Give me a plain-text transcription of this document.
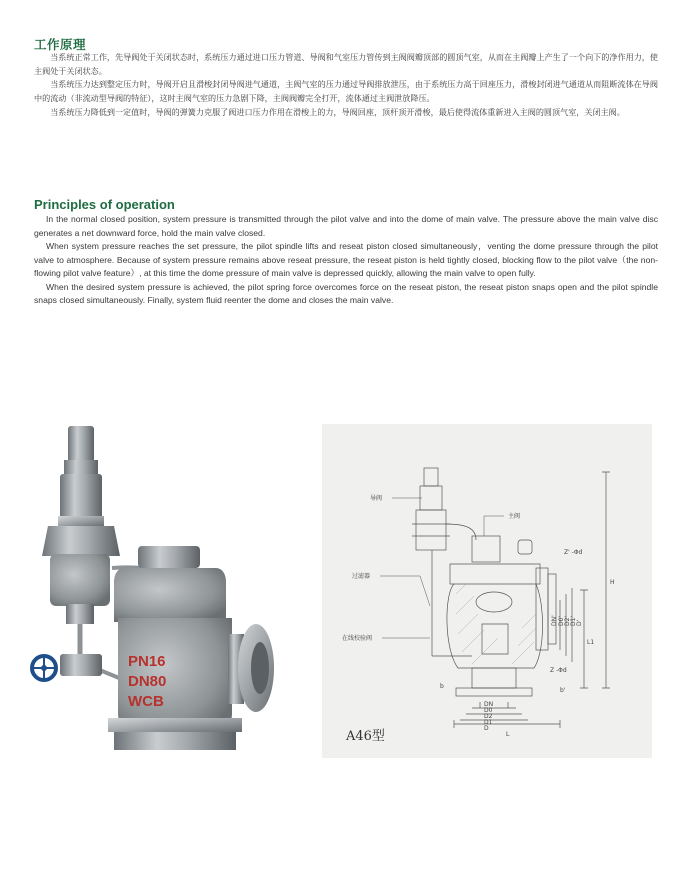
工作原理

当系统正常工作，先导阀处于关闭状态时，系统压力通过进口压力管道、导阀和气室压力管传到主阀阀瓣顶部的圆顶气室，从而在主阀瓣上产生了一个向下的净作用力，使主阀处于关闭状态。

当系统压力达到整定压力时，导阀开启且滑梭封闭导阀进气通道，主阀气室的压力通过导阀排放泄压，由于系统压力高于回座压力，滑梭封闭进气通道从而阻断流体在导阀中的流动（非流动型导阀的特征），这时主阀气室的压力急剧下降，主阀阀瓣完全打开，流体通过主阀泄放降压。

当系统压力降低到一定值时，导阀的弹簧力克服了阀进口压力作用在滑梭上的力，导阀回座，顶杆顶开滑梭，最后使得流体重新进入主阀的圆顶气室，关闭主阀。

Principles of operation

In the normal closed position, system pressure is transmitted through the pilot valve and into the dome of main valve. The pressure above the main valve disc generates a net downward force, hold the main valve closed.

When system pressure reaches the set pressure, the pilot spindle lifts and reseat piston closed simultaneously，venting the dome pressure through the pilot valve to atmosphere. Because of system pressure remains above reseat pressure, the reseat piston is held tightly closed, blocking flow to the pilot valve（the non-flowing pilot valve feature）, at this time the dome pressure of main valve is depressed quickly, allowing the main valve to open fully.

When the desired system pressure is achieved, the pilot spring force overcomes force on the reseat piston, the reseat piston snaps open and the pilot spindle snaps closed simultaneously. Finally, system fluid reenter the dome and closes the main valve.

PN16
DN80
WCB
导阀
主阀
过滤器
在线校验阀
Z' -Φd
Z -Φd
H
L1
L
b
b'
DN
D0
D2
D1
D
DN' D0' D2' D1' D'
A46型
